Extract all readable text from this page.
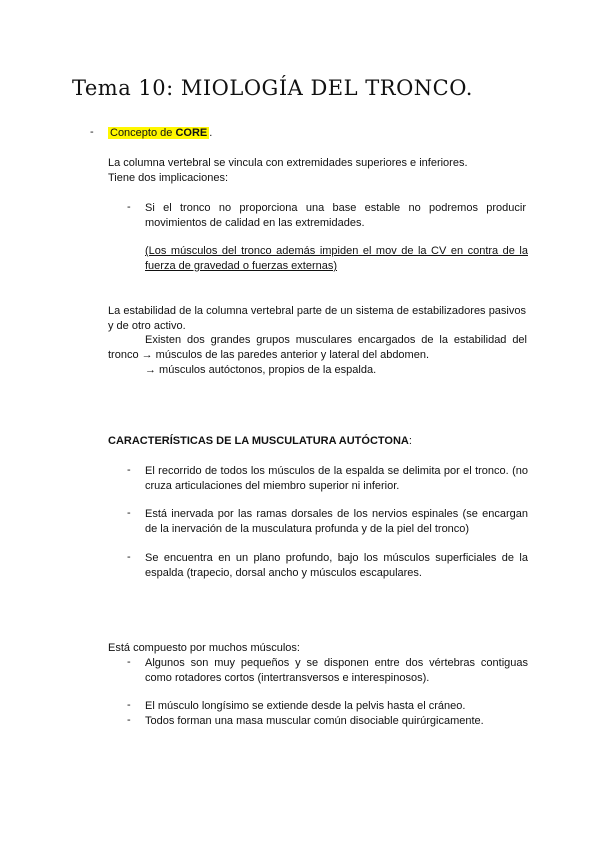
Tema 10: MIOLOGÍA DEL TRONCO.
- Concepto de CORE .
La columna vertebral se vincula con extremidades superiores e inferiores.
Tiene dos implicaciones:
- Si el tronco no proporciona una base estable no podremos producir movimientos de calidad en las extremidades.
(Los músculos del tronco además impiden el mov de la CV en contra de la fuerza de gravedad o fuerzas externas)
La estabilidad de la columna vertebral parte de un sistema de estabilizadores pasivos y de otro activo.
Existen dos grandes grupos musculares encargados de la estabilidad del
tronco → músculos de las paredes anterior y lateral del abdomen.
→ músculos autóctonos, propios de la espalda.
CARACTERÍSTICAS DE LA MUSCULATURA AUTÓCTONA:
- El recorrido de todos los músculos de la espalda se delimita por el tronco. (no cruza articulaciones del miembro superior ni inferior.
- Está inervada por las ramas dorsales de los nervios espinales (se encargan de la inervación de la musculatura profunda y de la piel del tronco)
- Se encuentra en un plano profundo, bajo los músculos superficiales de la espalda (trapecio, dorsal ancho y músculos escapulares.
Está compuesto por muchos músculos:
- Algunos son muy pequeños y se disponen entre dos vértebras contiguas como rotadores cortos (intertransversos e interespinosos).
- El músculo longísimo se extiende desde la pelvis hasta el cráneo.
- Todos forman una masa muscular común disociable quirúrgicamente.
